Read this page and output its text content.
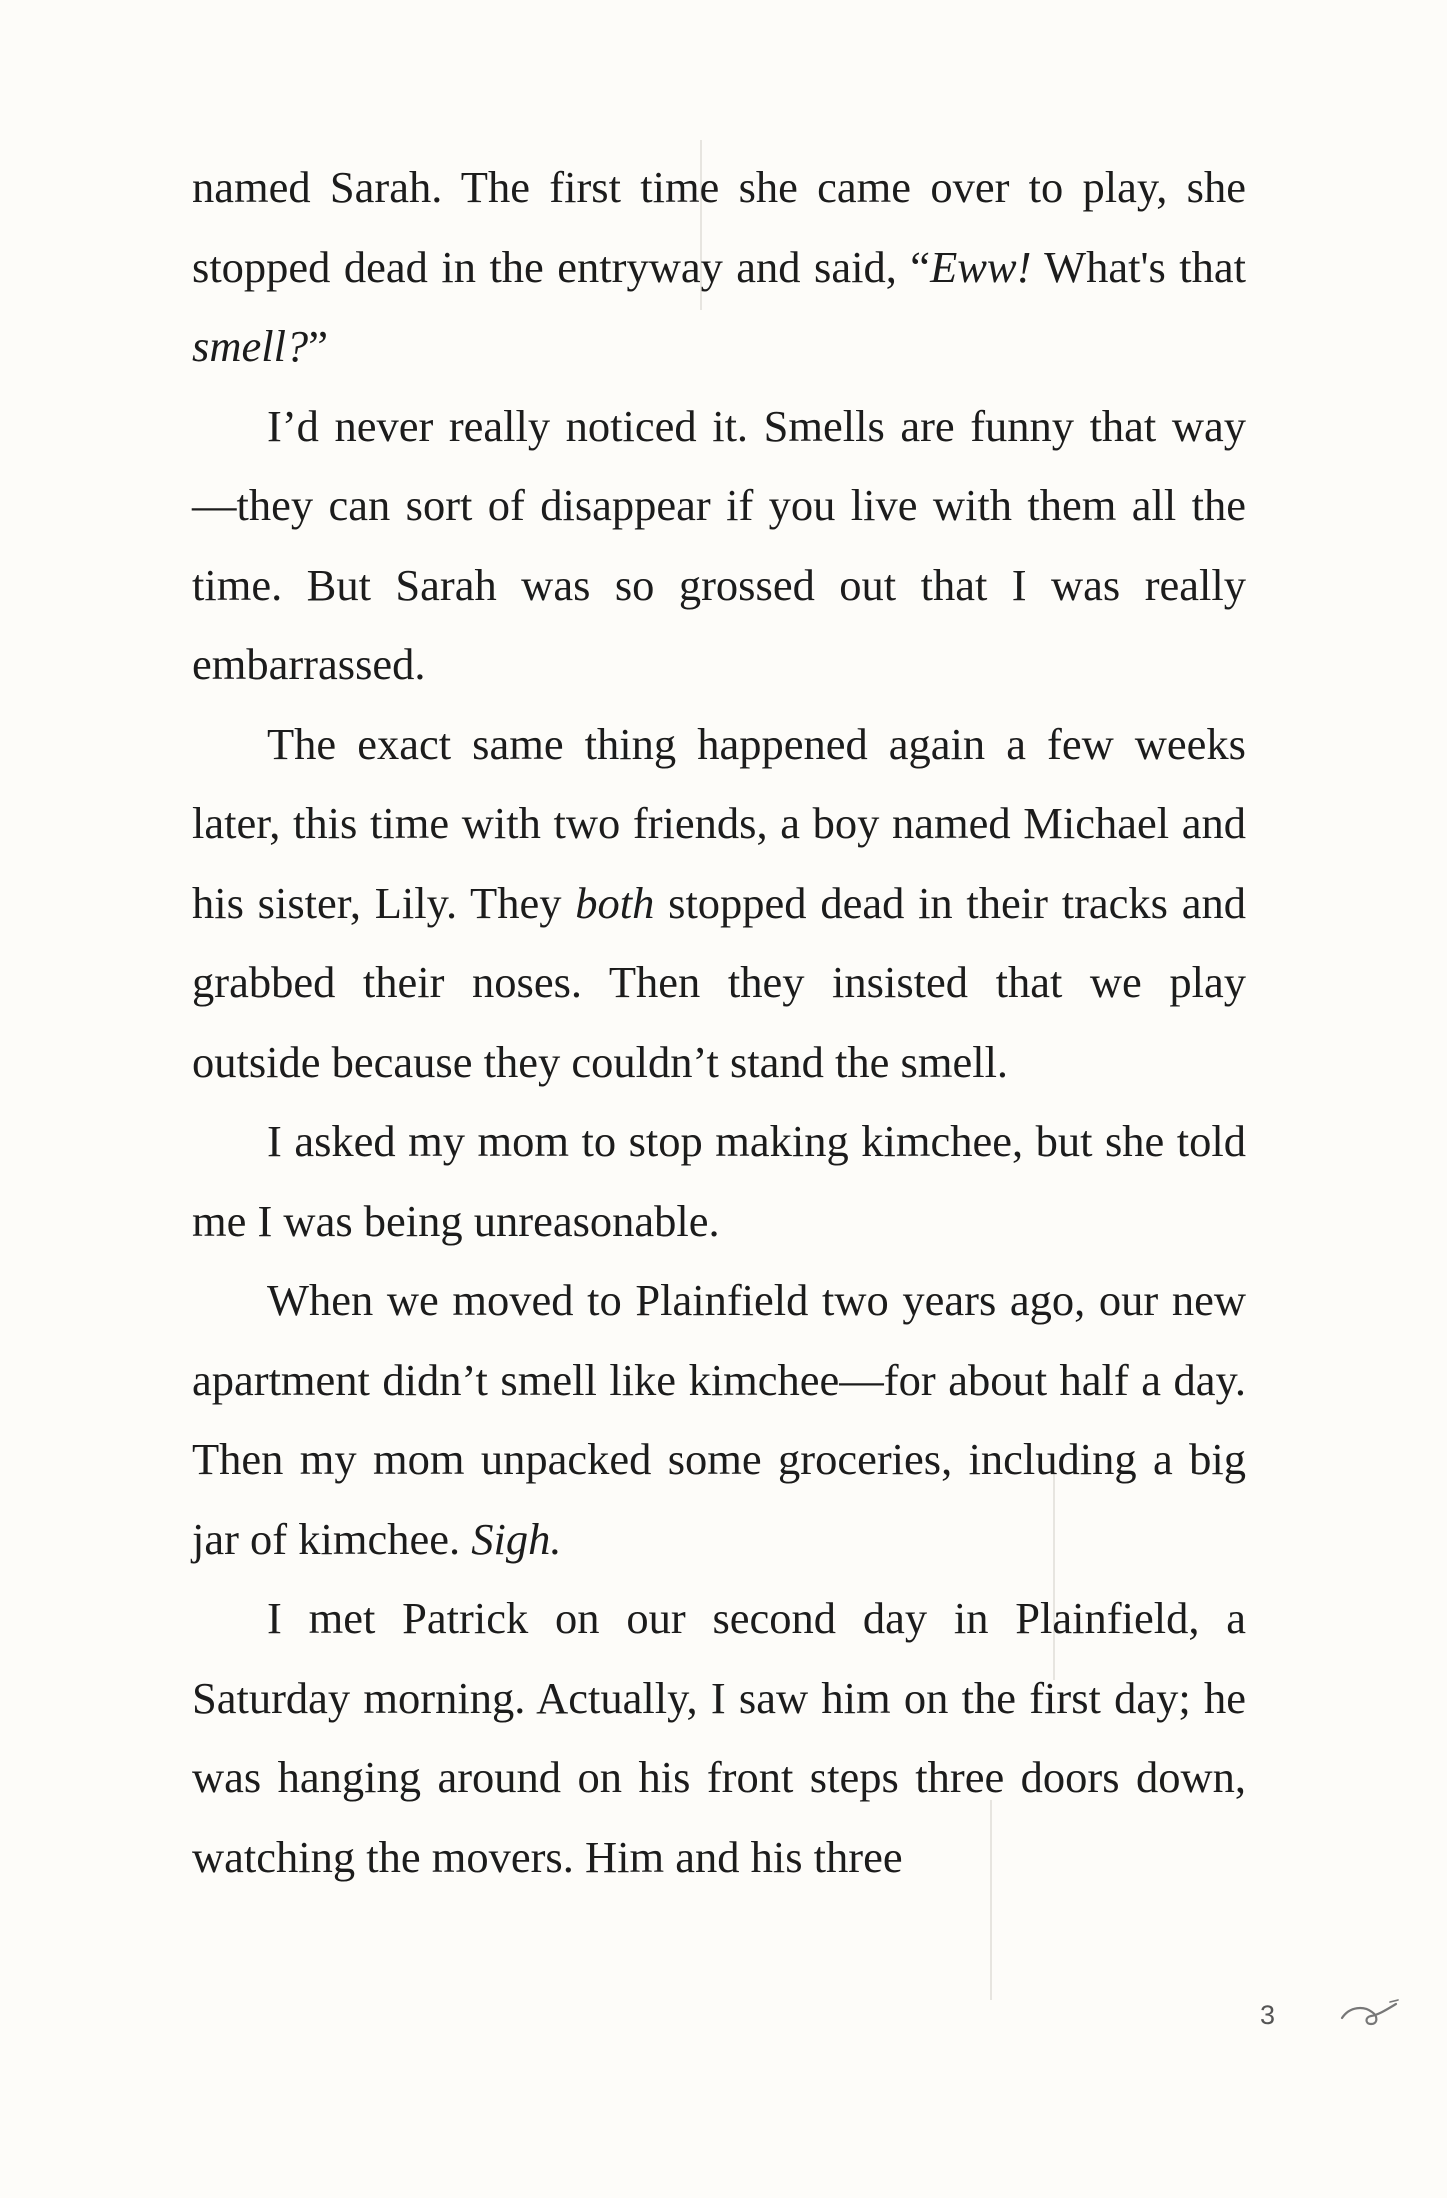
named Sarah. The first time she came over to play, she stopped dead in the entryway and said, “Eww! What's that smell?”

I’d never really noticed it. Smells are funny that way—they can sort of disappear if you live with them all the time. But Sarah was so grossed out that I was really embarrassed.

The exact same thing happened again a few weeks later, this time with two friends, a boy named Michael and his sister, Lily. They both stopped dead in their tracks and grabbed their noses. Then they insisted that we play outside because they couldn’t stand the smell.

I asked my mom to stop making kimchee, but she told me I was being unreasonable.

When we moved to Plainfield two years ago, our new apartment didn’t smell like kimchee—for about half a day. Then my mom unpacked some groceries, including a big jar of kimchee. Sigh.

I met Patrick on our second day in Plainfield, a Saturday morning. Actually, I saw him on the first day; he was hanging around on his front steps three doors down, watching the movers. Him and his three

3
